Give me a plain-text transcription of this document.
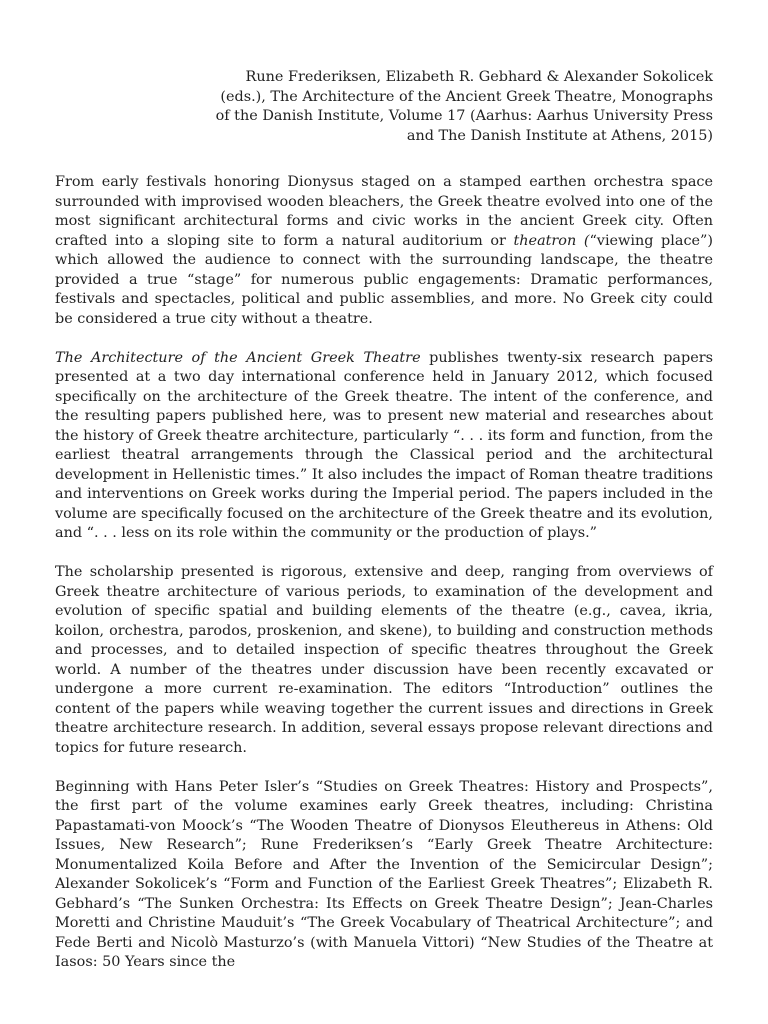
Rune Frederiksen, Elizabeth R. Gebhard & Alexander Sokolicek
(eds.), The Architecture of the Ancient Greek Theatre, Monographs
of the Danish Institute, Volume 17 (Aarhus: Aarhus University Press
and The Danish Institute at Athens, 2015)

From early festivals honoring Dionysus staged on a stamped earthen orchestra space surrounded with improvised wooden bleachers, the Greek theatre evolved into one of the most significant architectural forms and civic works in the ancient Greek city. Often crafted into a sloping site to form a natural auditorium or theatron (“viewing place”) which allowed the audience to connect with the surrounding landscape, the theatre provided a true “stage” for numerous public engagements: Dramatic performances, festivals and spectacles, political and public assemblies, and more. No Greek city could be considered a true city without a theatre.

The Architecture of the Ancient Greek Theatre publishes twenty-six research papers presented at a two day international conference held in January 2012, which focused specifically on the architecture of the Greek theatre. The intent of the conference, and the resulting papers published here, was to present new material and researches about the history of Greek theatre architecture, particularly “. . . its form and function, from the earliest theatral arrangements through the Classical period and the architectural development in Hellenistic times.” It also includes the impact of Roman theatre traditions and interventions on Greek works during the Imperial period. The papers included in the volume are specifically focused on the architecture of the Greek theatre and its evolution, and “. . . less on its role within the community or the production of plays.”

The scholarship presented is rigorous, extensive and deep, ranging from overviews of Greek theatre architecture of various periods, to examination of the development and evolution of specific spatial and building elements of the theatre (e.g., cavea, ikria, koilon, orchestra, parodos, proskenion, and skene), to building and construction methods and processes, and to detailed inspection of specific theatres throughout the Greek world. A number of the theatres under discussion have been recently excavated or undergone a more current re-examination. The editors “Introduction” outlines the content of the papers while weaving together the current issues and directions in Greek theatre architecture research. In addition, several essays propose relevant directions and topics for future research.

Beginning with Hans Peter Isler’s “Studies on Greek Theatres: History and Prospects”, the first part of the volume examines early Greek theatres, including: Christina Papastamati-von Moock’s “The Wooden Theatre of Dionysos Eleuthereus in Athens: Old Issues, New Research”; Rune Frederiksen’s “Early Greek Theatre Architecture: Monumentalized Koila Before and After the Invention of the Semicircular Design”; Alexander Sokolicek’s “Form and Function of the Earliest Greek Theatres”; Elizabeth R. Gebhard’s “The Sunken Orchestra: Its Effects on Greek Theatre Design”; Jean-Charles Moretti and Christine Mauduit’s “The Greek Vocabulary of Theatrical Architecture”; and Fede Berti and Nicolò Masturzo’s (with Manuela Vittori) “New Studies of the Theatre at Iasos: 50 Years since the
